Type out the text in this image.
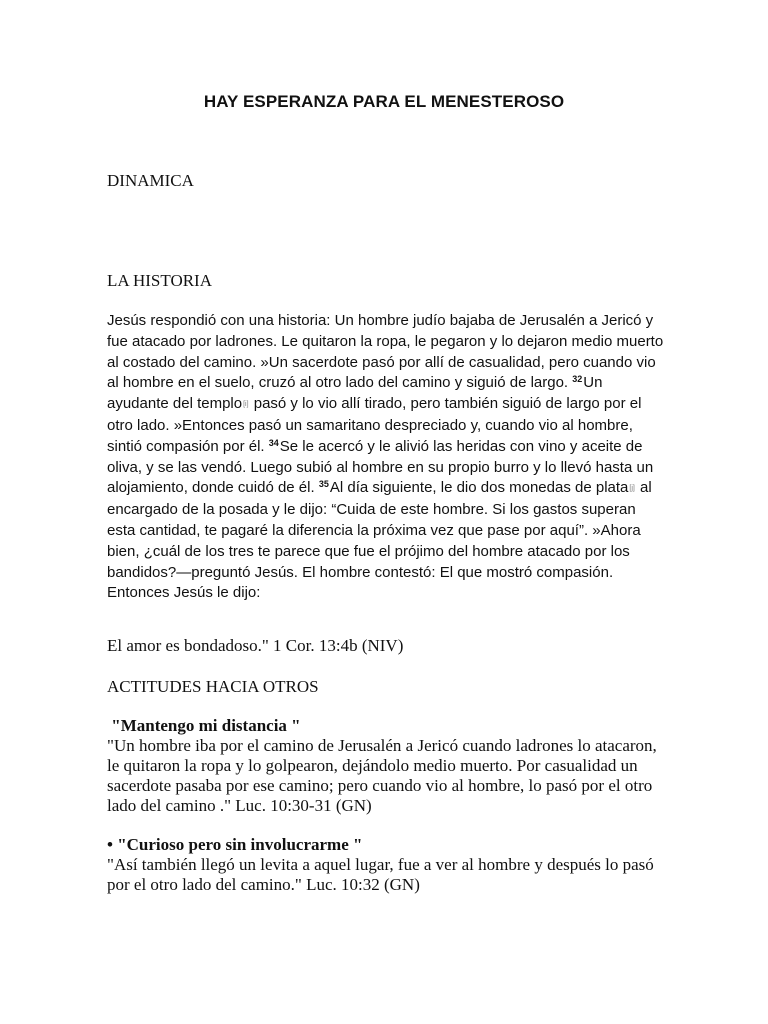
HAY ESPERANZA PARA EL MENESTEROSO
DINAMICA
LA HISTORIA
Jesús respondió con una historia: Un hombre judío bajaba de Jerusalén a Jericó y fue atacado por ladrones. Le quitaron la ropa, le pegaron y lo dejaron medio muerto al costado del camino. »Un sacerdote pasó por allí de casualidad, pero cuando vio al hombre en el suelo, cruzó al otro lado del camino y siguió de largo. $^{32}$Un ayudante del templo[i] pasó y lo vio allí tirado, pero también siguió de largo por el otro lado. »Entonces pasó un samaritano despreciado y, cuando vio al hombre, sintió compasión por él. $^{34}$Se le acercó y le alivió las heridas con vino y aceite de oliva, y se las vendó. Luego subió al hombre en su propio burro y lo llevó hasta un alojamiento, donde cuidó de él. $^{35}$Al día siguiente, le dio dos monedas de plata[j] al encargado de la posada y le dijo: “Cuida de este hombre. Si los gastos superan esta cantidad, te pagaré la diferencia la próxima vez que pase por aquí”. »Ahora bien, ¿cuál de los tres te parece que fue el prójimo del hombre atacado por los bandidos?—preguntó Jesús. El hombre contestó: El que mostró compasión. Entonces Jesús le dijo:
El amor es bondadoso." 1 Cor. 13:4b (NIV)
ACTITUDES HACIA OTROS
"Mantengo mi distancia "
"Un hombre iba por el camino de Jerusalén a Jericó cuando ladrones lo atacaron, le quitaron la ropa y lo golpearon, dejándolo medio muerto. Por casualidad un sacerdote pasaba por ese camino; pero cuando vio al hombre, lo pasó por el otro lado del camino ." Luc. 10:30-31 (GN)
• "Curioso pero sin involucrarme "
"Así también llegó un levita a aquel lugar, fue a ver al hombre y después lo pasó por el otro lado del camino." Luc. 10:32 (GN)
